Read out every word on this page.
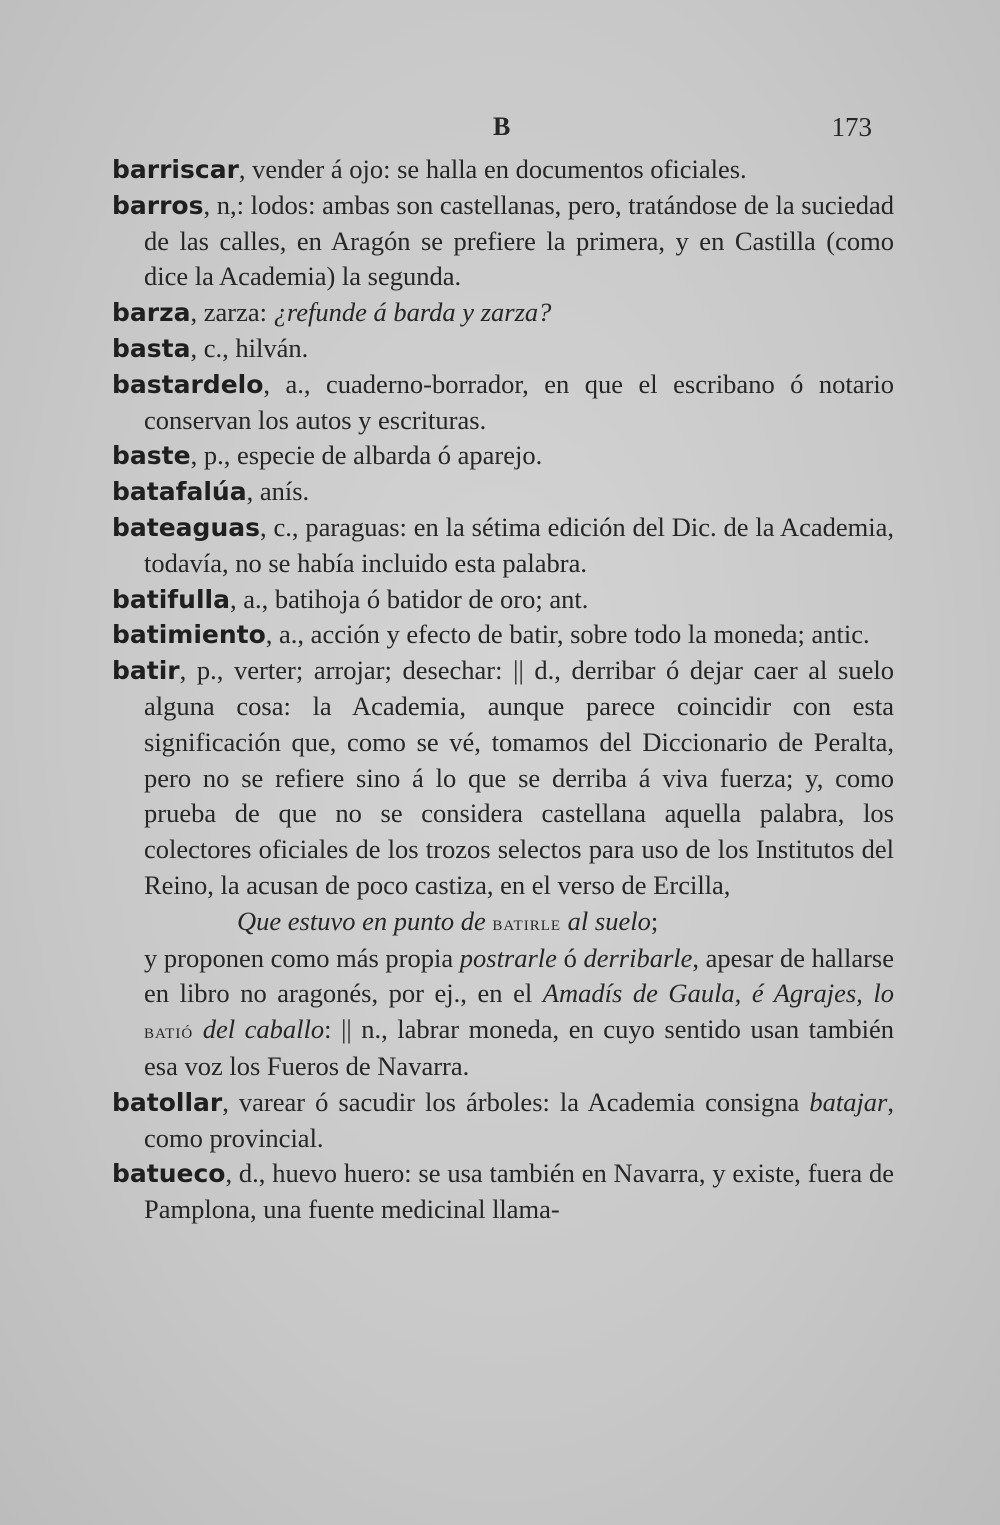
B	173

barriscar, vender á ojo: se halla en documentos oficiales.

barros, n,: lodos: ambas son castellanas, pero, tratándose de la suciedad de las calles, en Aragón se prefiere la primera, y en Castilla (como dice la Academia) la segunda.

barza, zarza: ¿refunde á barda y zarza?

basta, c., hilván.

bastardelo, a., cuaderno-borrador, en que el escribano ó notario conservan los autos y escrituras.

baste, p., especie de albarda ó aparejo.

batafalúa, anís.

bateaguas, c., paraguas: en la sétima edición del Dic. de la Academia, todavía, no se había incluido esta palabra.

batifulla, a., batihoja ó batidor de oro; ant.

batimiento, a., acción y efecto de batir, sobre todo la moneda; antic.

batir, p., verter; arrojar; desechar: || d., derribar ó dejar caer al suelo alguna cosa: la Academia, aunque parece coincidir con esta significación que, como se vé, tomamos del Diccionario de Peralta, pero no se refiere sino á lo que se derriba á viva fuerza; y, como prueba de que no se considera castellana aquella palabra, los colectores oficiales de los trozos selectos para uso de los Institutos del Reino, la acusan de poco castiza, en el verso de Ercilla,

Que estuvo en punto de batirle al suelo;

y proponen como más propia postrarle ó derribarle, apesar de hallarse en libro no aragonés, por ej., en el Amadís de Gaula, é Agrajes, lo batió del caballo: || n., labrar moneda, en cuyo sentido usan también esa voz los Fueros de Navarra.

batollar, varear ó sacudir los árboles: la Academia consigna batajar, como provincial.

batueco, d., huevo huero: se usa también en Navarra, y existe, fuera de Pamplona, una fuente medicinal llama-
